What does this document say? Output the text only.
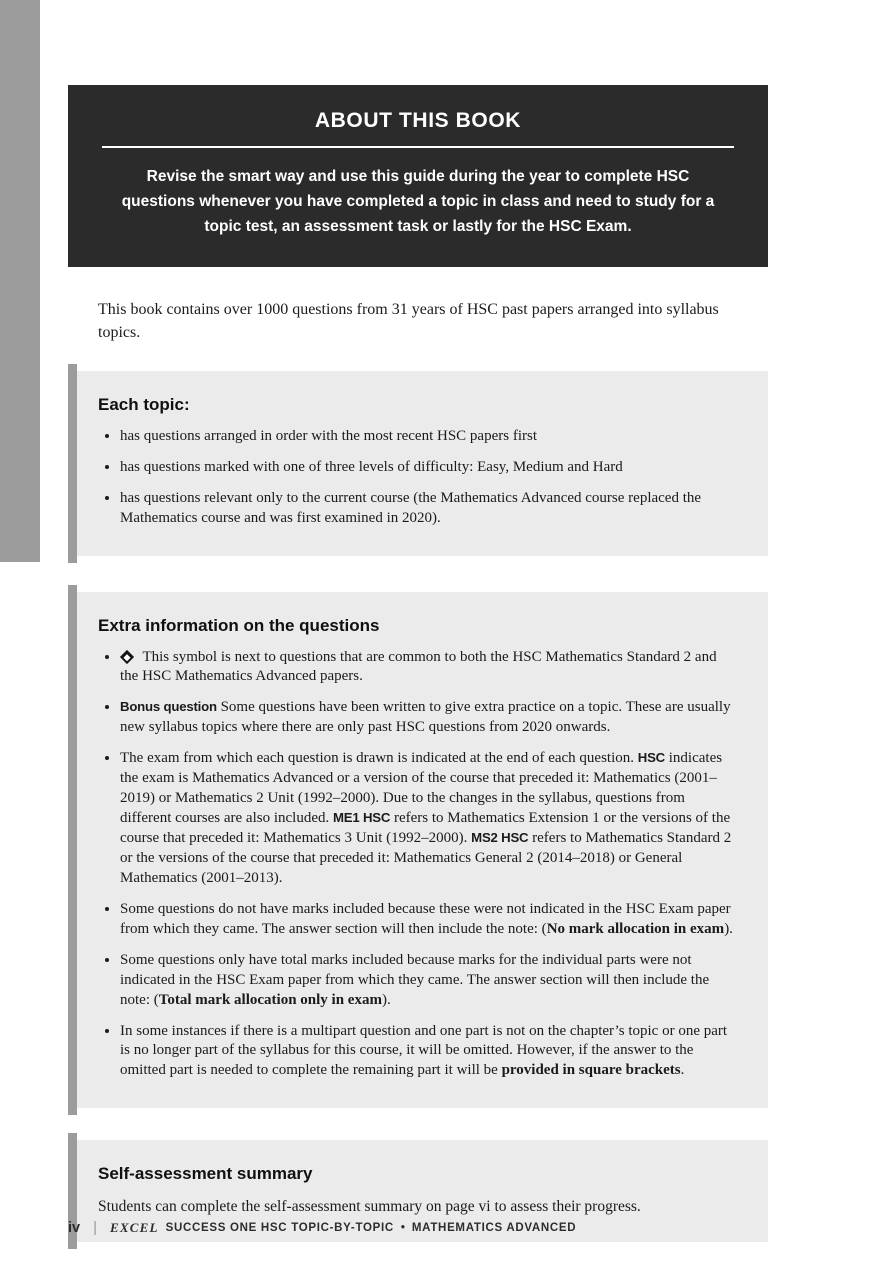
ABOUT THIS BOOK

Revise the smart way and use this guide during the year to complete HSC questions whenever you have completed a topic in class and need to study for a topic test, an assessment task or lastly for the HSC Exam.

This book contains over 1000 questions from 31 years of HSC past papers arranged into syllabus topics.

Each topic:
• has questions arranged in order with the most recent HSC papers first
• has questions marked with one of three levels of difficulty: Easy, Medium and Hard
• has questions relevant only to the current course (the Mathematics Advanced course replaced the Mathematics course and was first examined in 2020).
Extra information on the questions
• This symbol is next to questions that are common to both the HSC Mathematics Standard 2 and the HSC Mathematics Advanced papers.
• Bonus question Some questions have been written to give extra practice on a topic. These are usually new syllabus topics where there are only past HSC questions from 2020 onwards.
• The exam from which each question is drawn is indicated at the end of each question. HSC indicates the exam is Mathematics Advanced or a version of the course that preceded it: Mathematics (2001–2019) or Mathematics 2 Unit (1992–2000). Due to the changes in the syllabus, questions from different courses are also included. ME1 HSC refers to Mathematics Extension 1 or the versions of the course that preceded it: Mathematics 3 Unit (1992–2000). MS2 HSC refers to Mathematics Standard 2 or the versions of the course that preceded it: Mathematics General 2 (2014–2018) or General Mathematics (2001–2013).
• Some questions do not have marks included because these were not indicated in the HSC Exam paper from which they came. The answer section will then include the note: (No mark allocation in exam).
• Some questions only have total marks included because marks for the individual parts were not indicated in the HSC Exam paper from which they came. The answer section will then include the note: (Total mark allocation only in exam).
• In some instances if there is a multipart question and one part is not on the chapter’s topic or one part is no longer part of the syllabus for this course, it will be omitted. However, if the answer to the omitted part is needed to complete the remaining part it will be provided in square brackets.
Self-assessment summary

Students can complete the self-assessment summary on page vi to assess their progress.

iv | EXCEL SUCCESS ONE HSC TOPIC-BY-TOPIC • MATHEMATICS ADVANCED
